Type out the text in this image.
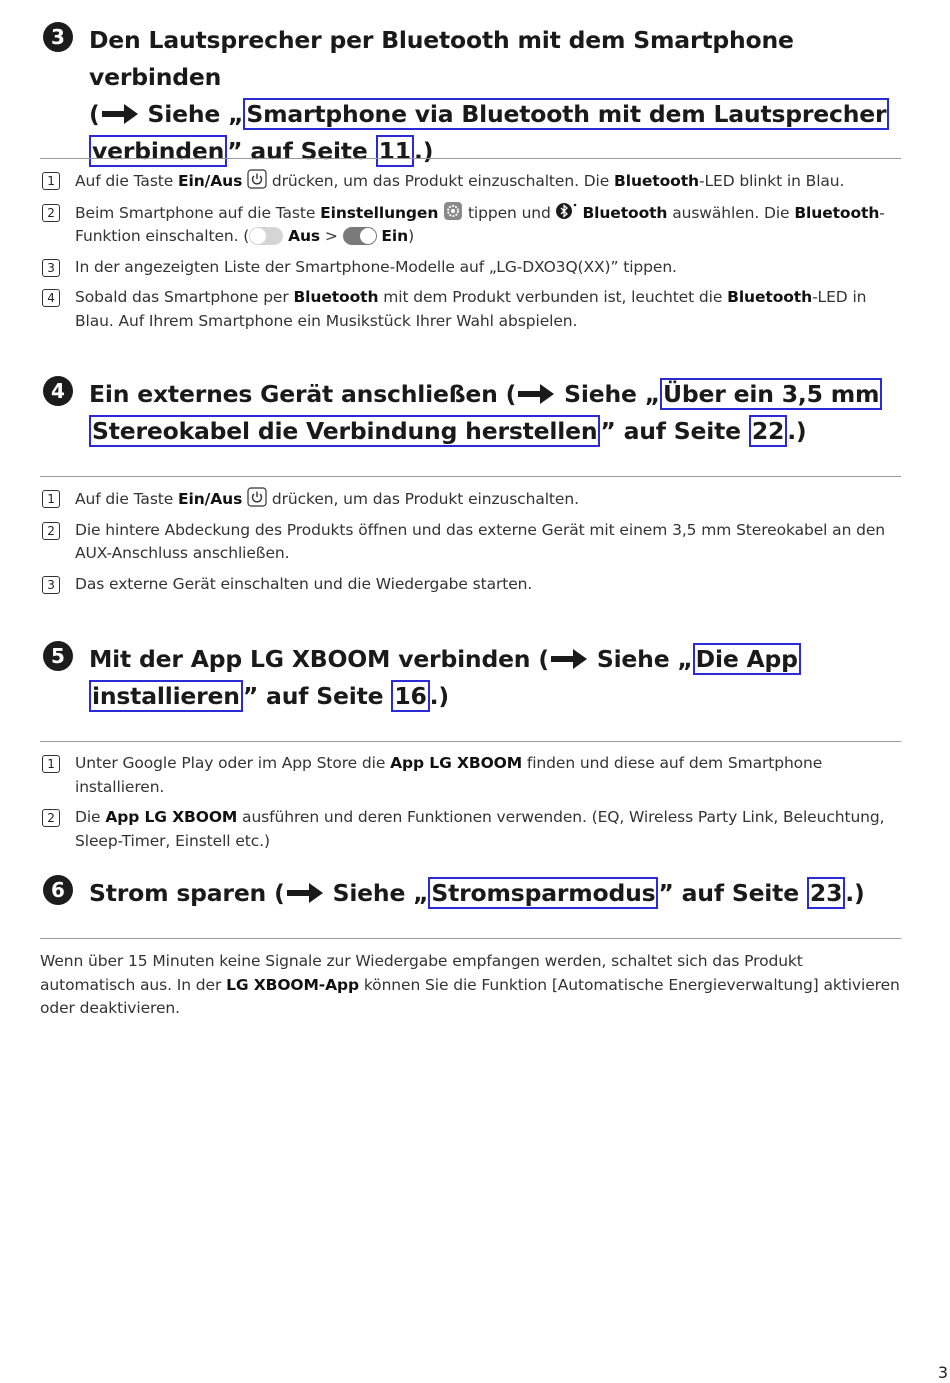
3	Den Lautsprecher per Bluetooth mit dem Smartphone verbinden
( Siehe „ Smartphone via Bluetooth mit dem Lautsprecher
verbinden ” auf Seite 11 .)

1	Auf die Taste Ein/Aus  drücken, um das Produkt einzuschalten. Die Bluetooth-LED blinkt in Blau.
2	Beim Smartphone auf die Taste Einstellungen  tippen und  Bluetooth auswählen. Die Bluetooth-Funktion einschalten. (	Aus >	Ein)
3	In der angezeigten Liste der Smartphone-Modelle auf „LG-DXO3Q(XX)” tippen.
4	Sobald das Smartphone per Bluetooth mit dem Produkt verbunden ist, leuchtet die Bluetooth-LED in Blau. Auf Ihrem Smartphone ein Musikstück Ihrer Wahl abspielen.
4	Ein externes Gerät anschließen ( Siehe „ Über ein 3,5 mm
Stereokabel die Verbindung herstellen ” auf Seite 22 .)

1	Auf die Taste Ein/Aus  drücken, um das Produkt einzuschalten.
2	Die hintere Abdeckung des Produkts öffnen und das externe Gerät mit einem 3,5 mm Stereokabel an den AUX-Anschluss anschließen.
3	Das externe Gerät einschalten und die Wiedergabe starten.
5	Mit der App LG XBOOM verbinden ( Siehe „ Die App
installieren ” auf Seite 16 .)

1	Unter Google Play oder im App Store die App LG XBOOM finden und diese auf dem Smartphone installieren.
2	Die App LG XBOOM ausführen und deren Funktionen verwenden. (EQ, Wireless Party Link, Beleuchtung, Sleep-Timer, Einstell etc.)
6	Strom sparen ( Siehe „ Stromsparmodus ” auf Seite 23 .)

Wenn über 15 Minuten keine Signale zur Wiedergabe empfangen werden, schaltet sich das Produkt automatisch aus. In der LG XBOOM-App können Sie die Funktion [Automatische Energieverwaltung] aktivieren oder deaktivieren.

3
